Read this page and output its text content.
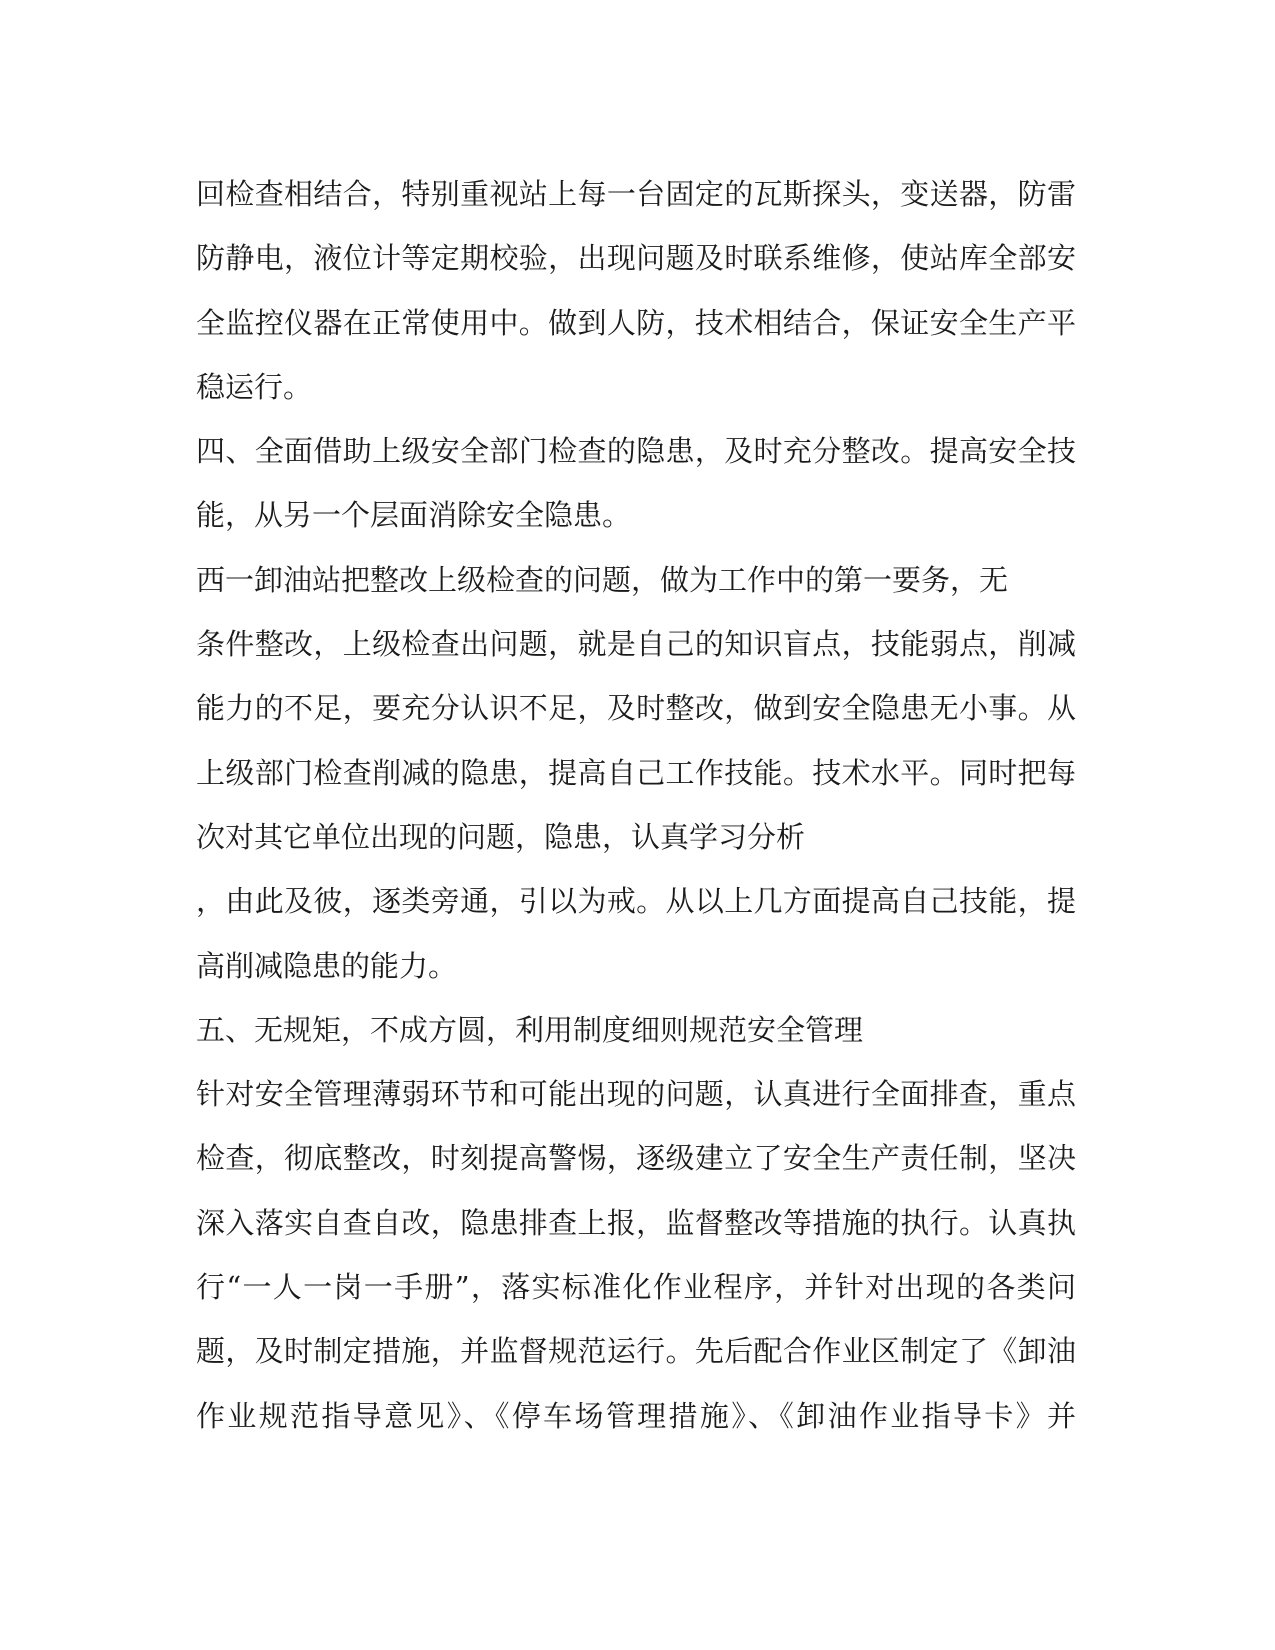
回检查相结合，特别重视站上每一台固定的瓦斯探头，变送器，防雷
防静电，液位计等定期校验，出现问题及时联系维修，使站库全部安
全监控仪器在正常使用中。做到人防，技术相结合，保证安全生产平
稳运行。
四、全面借助上级安全部门检查的隐患，及时充分整改。提高安全技
能，从另一个层面消除安全隐患。
西一卸油站把整改上级检查的问题，做为工作中的第一要务，无
条件整改，上级检查出问题，就是自己的知识盲点，技能弱点，削减
能力的不足，要充分认识不足，及时整改，做到安全隐患无小事。从
上级部门检查削减的隐患，提高自己工作技能。技术水平。同时把每
次对其它单位出现的问题，隐患，认真学习分析
，由此及彼，逐类旁通，引以为戒。从以上几方面提高自己技能，提
高削减隐患的能力。
五、无规矩，不成方圆，利用制度细则规范安全管理
针对安全管理薄弱环节和可能出现的问题，认真进行全面排查，重点
检查，彻底整改，时刻提高警惕，逐级建立了安全生产责任制，坚决
深入落实自查自改，隐患排查上报，监督整改等措施的执行。认真执
行“一人一岗一手册”，落实标准化作业程序，并针对出现的各类问
题，及时制定措施，并监督规范运行。先后配合作业区制定了《卸油
作业规范指导意见》、《停车场管理措施》、《卸油作业指导卡》并
